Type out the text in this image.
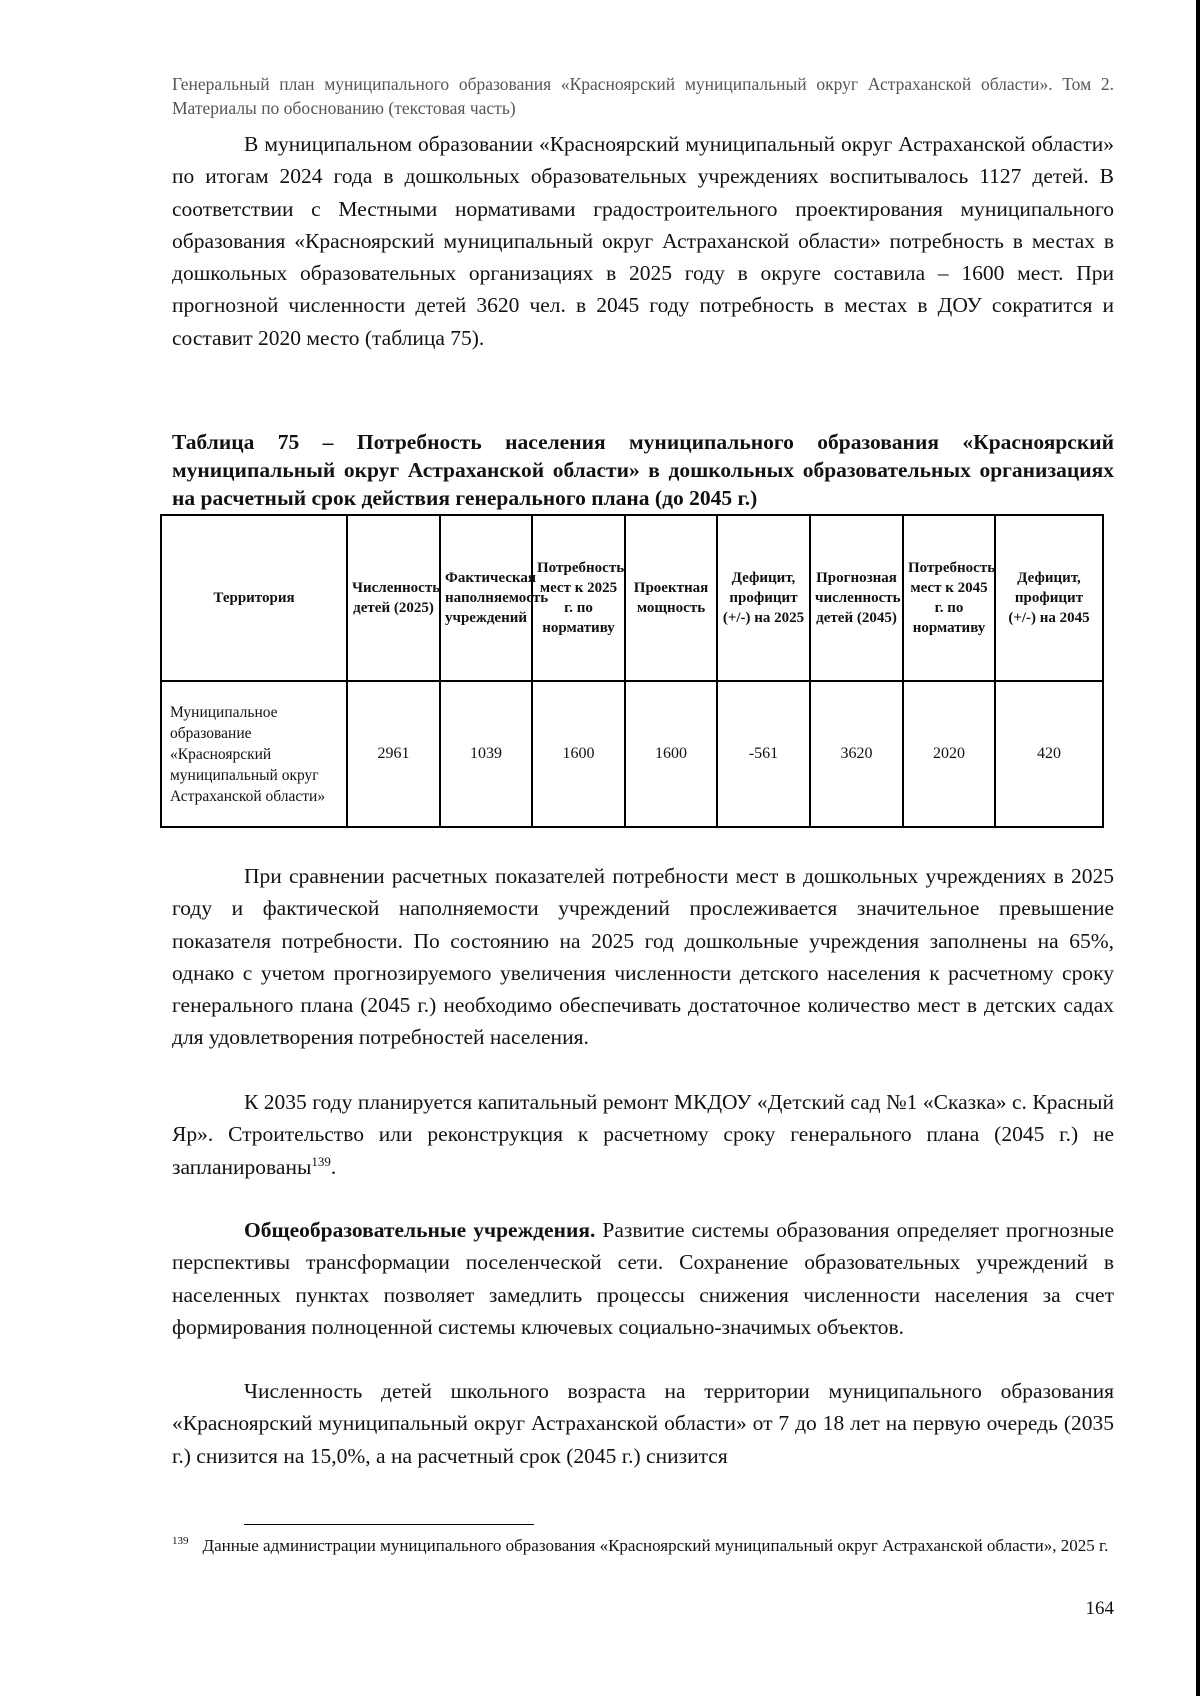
Генеральный план муниципального образования «Красноярский муниципальный округ Астраханской области». Том 2. Материалы по обоснованию (текстовая часть)

В муниципальном образовании «Красноярский муниципальный округ Астраханской области» по итогам 2024 года в дошкольных образовательных учреждениях воспитывалось 1127 детей. В соответствии с Местными нормативами градостроительного проектирования муниципального образования «Красноярский муниципальный округ Астраханской области» потребность в местах в дошкольных образовательных организациях в 2025 году в округе составила – 1600 мест. При прогнозной численности детей 3620 чел. в 2045 году потребность в местах в ДОУ сократится и составит 2020 место (таблица 75).

Таблица 75 – Потребность населения муниципального образования «Красноярский муниципальный округ Астраханской области» в дошкольных образовательных организациях на расчетный срок действия генерального плана (до 2045 г.)
Территория	Численность детей (2025)	Фактическая наполняемость учреждений	Потребность мест к 2025 г. по нормативу	Проектная мощность	Дефицит, профицит (+/-) на 2025	Прогнозная численность детей (2045)	Потребность мест к 2045 г. по нормативу	Дефицит, профицит (+/-) на 2045
Муниципальное образование «Красноярский муниципальный округ Астраханской области»	2961	1039	1600	1600	-561	3620	2020	420

При сравнении расчетных показателей потребности мест в дошкольных учреждениях в 2025 году и фактической наполняемости учреждений прослеживается значительное превышение показателя потребности. По состоянию на 2025 год дошкольные учреждения заполнены на 65%, однако с учетом прогнозируемого увеличения численности детского населения к расчетному сроку генерального плана (2045 г.) необходимо обеспечивать достаточное количество мест в детских садах для удовлетворения потребностей населения.

К 2035 году планируется капитальный ремонт МКДОУ «Детский сад №1 «Сказка» с. Красный Яр». Строительство или реконструкция к расчетному сроку генерального плана (2045 г.) не запланированы$^{139}$.

Общеобразовательные учреждения. Развитие системы образования определяет прогнозные перспективы трансформации поселенческой сети. Сохранение образовательных учреждений в населенных пунктах позволяет замедлить процессы снижения численности населения за счет формирования полноценной системы ключевых социально-значимых объектов.

Численность детей школьного возраста на территории муниципального образования «Красноярский муниципальный округ Астраханской области» от 7 до 18 лет на первую очередь (2035 г.) снизится на 15,0%, а на расчетный срок (2045 г.) снизится

$^{139}$ Данные администрации муниципального образования «Красноярский муниципальный округ Астраханской области», 2025 г.
164
